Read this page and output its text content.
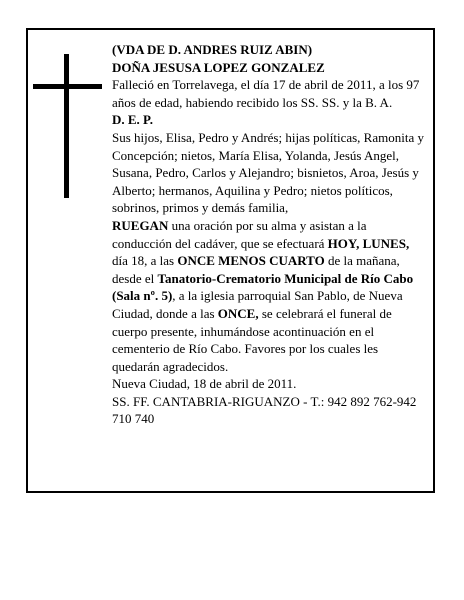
(VDA DE D. ANDRES RUIZ ABIN)

DOÑA JESUSA LOPEZ GONZALEZ

Falleció en Torrelavega, el día 17 de abril de 2011, a los 97 años de edad, habiendo recibido los SS. SS. y la B. A.

D. E. P.

Sus hijos, Elisa, Pedro y Andrés; hijas políticas, Ramonita y Concepción; nietos, María Elisa, Yolanda, Jesús Angel, Susana, Pedro, Carlos y Alejandro; bisnietos, Aroa, Jesús y Alberto; hermanos, Aquilina y Pedro; nietos políticos, sobrinos, primos y demás familia,

RUEGAN una oración por su alma y asistan a la conducción del cadáver, que se efectuará HOY, LUNES, día 18, a las ONCE MENOS CUARTO de la mañana, desde el Tanatorio-Crematorio Municipal de Río Cabo (Sala nº. 5), a la iglesia parroquial San Pablo, de Nueva Ciudad, donde a las ONCE, se celebrará el funeral de cuerpo presente, inhumándose acontinuación en el cementerio de Río Cabo. Favores por los cuales les quedarán agradecidos.

Nueva Ciudad, 18 de abril de 2011.

SS. FF. CANTABRIA-RIGUANZO - T.: 942 892 762-942 710 740
